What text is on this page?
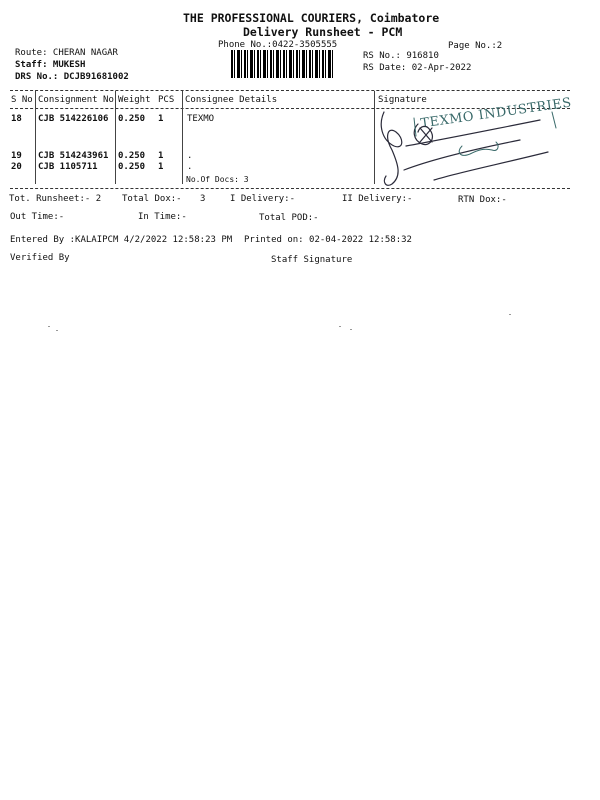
THE PROFESSIONAL COURIERS, Coimbatore
Delivery Runsheet - PCM
Phone No.:0422-3505555	Page No.:2
Route: CHERAN NAGAR
Staff: MUKESH
DRS No.: DCJB91681002
RS No.: 916810
RS Date: 02-Apr-2022
S No Consignment No Weight PCS Consignee Details	Signature
18 CJB 514226106 0.250 1	TEXMO
19 CJB 514243961 0.250 1	.
20 CJB 1105711 0.250 1	.
No.Of Docs: 3
TEXMO INDUSTRIES
Tot. Runsheet:- 2 Total Dox:- 3	I Delivery:-	II Delivery:-	RTN Dox:-
Out Time:-	In Time:-	Total POD:-
Entered By :KALAIPCM 4/2/2022 12:58:23 PM Printed on: 02-04-2022 12:58:32
Verified By	Staff Signature
